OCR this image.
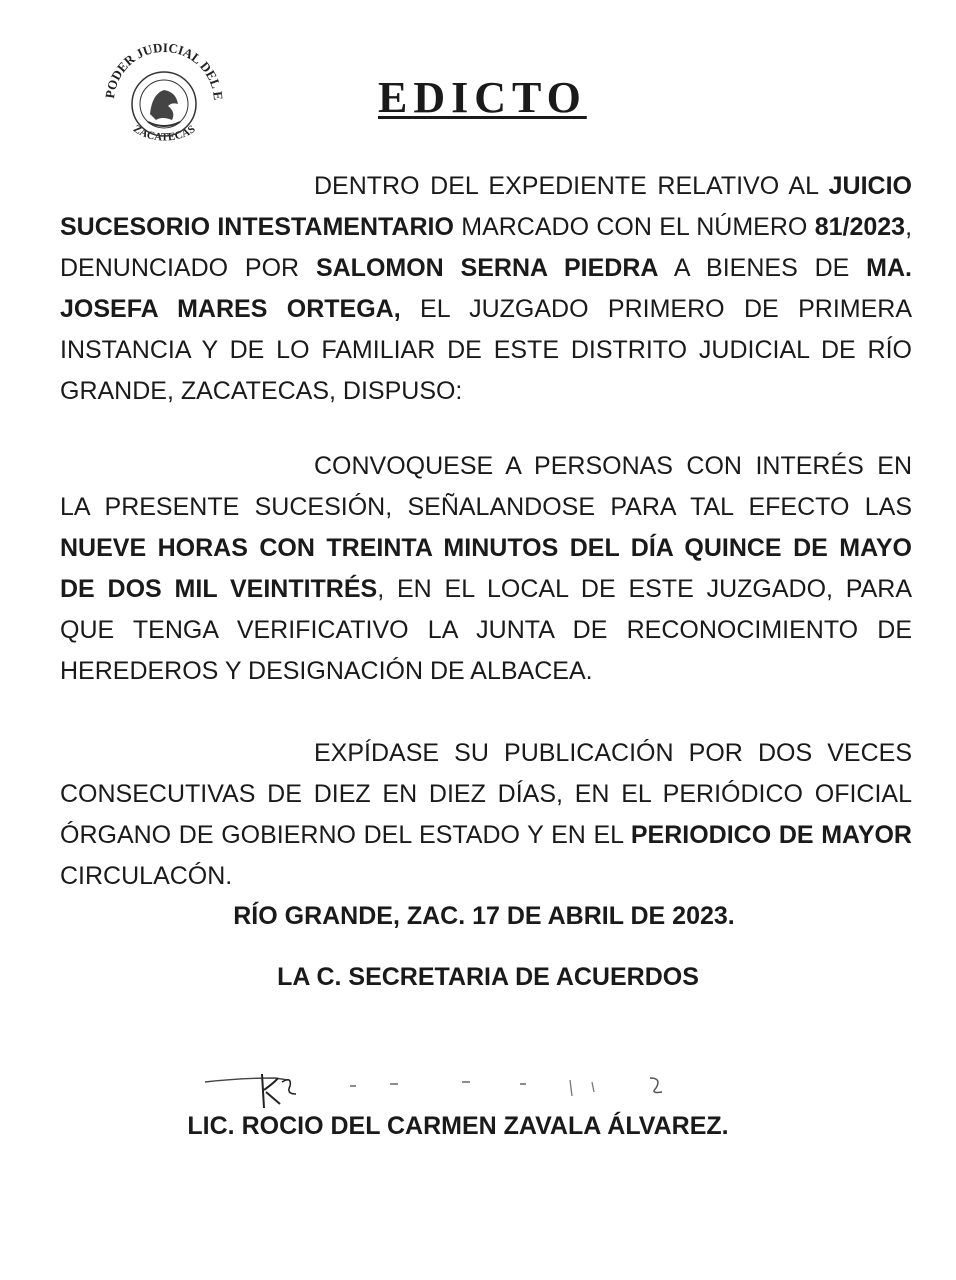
PODER JUDICIAL DEL E
ZACATECAS
EDICTO

DENTRO DEL EXPEDIENTE RELATIVO AL JUICIO SUCESORIO INTESTAMENTARIO MARCADO CON EL NÚMERO 81/2023, DENUNCIADO POR SALOMON SERNA PIEDRA A BIENES DE MA. JOSEFA MARES ORTEGA, EL JUZGADO PRIMERO DE PRIMERA INSTANCIA Y DE LO FAMILIAR DE ESTE DISTRITO JUDICIAL DE RÍO GRANDE, ZACATECAS, DISPUSO:

CONVOQUESE A PERSONAS CON INTERÉS EN LA PRESENTE SUCESIÓN, SEÑALANDOSE PARA TAL EFECTO LAS NUEVE HORAS CON TREINTA MINUTOS DEL DÍA QUINCE DE MAYO DE DOS MIL VEINTITRÉS, EN EL LOCAL DE ESTE JUZGADO, PARA QUE TENGA VERIFICATIVO LA JUNTA DE RECONOCIMIENTO DE HEREDEROS Y DESIGNACIÓN DE ALBACEA.

EXPÍDASE SU PUBLICACIÓN POR DOS VECES CONSECUTIVAS DE DIEZ EN DIEZ DÍAS, EN EL PERIÓDICO OFICIAL ÓRGANO DE GOBIERNO DEL ESTADO Y EN EL PERIODICO DE MAYOR CIRCULACÓN.

RÍO GRANDE, ZAC. 17 DE ABRIL DE 2023.

LA C. SECRETARIA DE ACUERDOS

LIC. ROCIO DEL CARMEN ZAVALA ÁLVAREZ.
